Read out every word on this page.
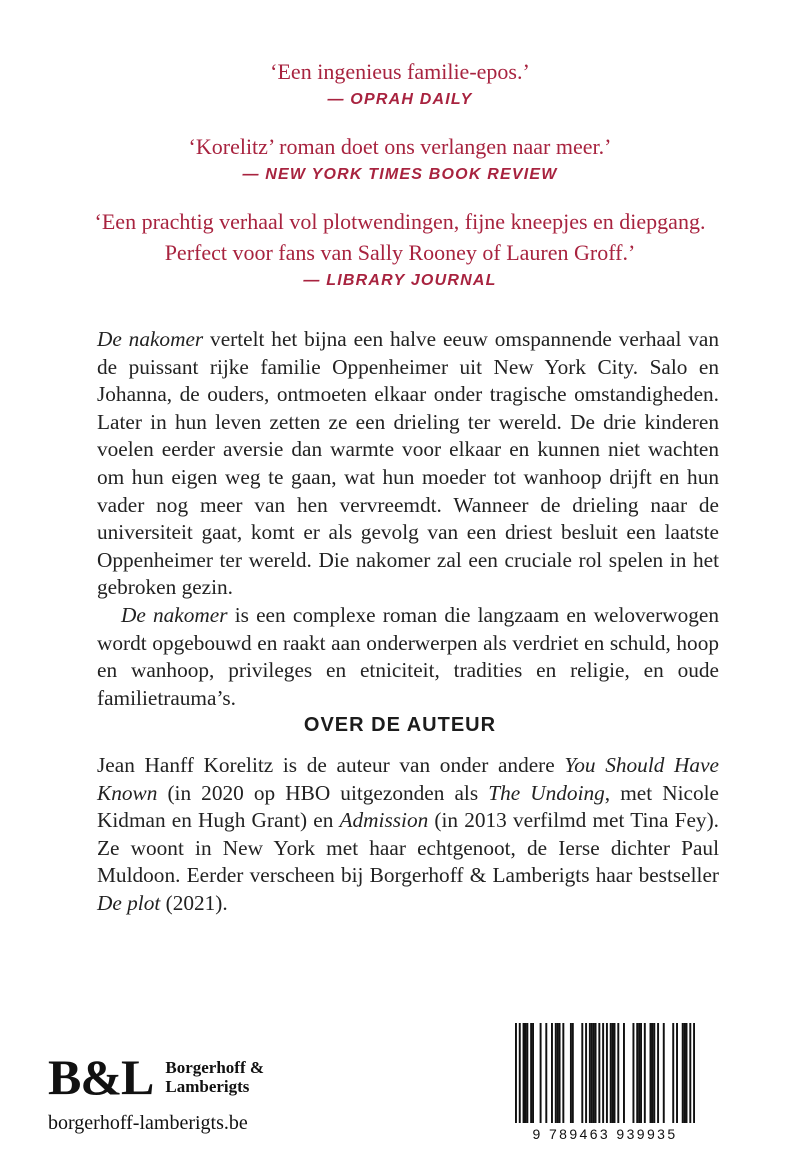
‘Een ingenieus familie-epos.’
— OPRAH DAILY
‘Korelitz’ roman doet ons verlangen naar meer.’
— NEW YORK TIMES BOOK REVIEW
‘Een prachtig verhaal vol plotwendingen, fijne kneepjes en diepgang. Perfect voor fans van Sally Rooney of Lauren Groff.’
— LIBRARY JOURNAL

De nakomer vertelt het bijna een halve eeuw omspannende verhaal van de puissant rijke familie Oppenheimer uit New York City. Salo en Johanna, de ouders, ontmoeten elkaar onder tragische omstandigheden. Later in hun leven zetten ze een drieling ter wereld. De drie kinderen voelen eerder aversie dan warmte voor elkaar en kunnen niet wachten om hun eigen weg te gaan, wat hun moeder tot wanhoop drijft en hun vader nog meer van hen vervreemdt. Wanneer de drieling naar de universiteit gaat, komt er als gevolg van een driest besluit een laatste Oppenheimer ter wereld. Die nakomer zal een cruciale rol spelen in het gebroken gezin.

De nakomer is een complexe roman die langzaam en weloverwogen wordt opgebouwd en raakt aan onderwerpen als verdriet en schuld, hoop en wanhoop, privileges en etniciteit, tradities en religie, en oude familietrauma’s.

OVER DE AUTEUR
Jean Hanff Korelitz is de auteur van onder andere You Should Have Known (in 2020 op HBO uitgezonden als The Undoing, met Nicole Kidman en Hugh Grant) en Admission (in 2013 verfilmd met Tina Fey). Ze woont in New York met haar echtgenoot, de Ierse dichter Paul Muldoon. Eerder verscheen bij Borgerhoff & Lamberigts haar bestseller De plot (2021).
B&L Borgerhoff &
Lamberigts
borgerhoff-lamberigts.be	9 789463 939935
